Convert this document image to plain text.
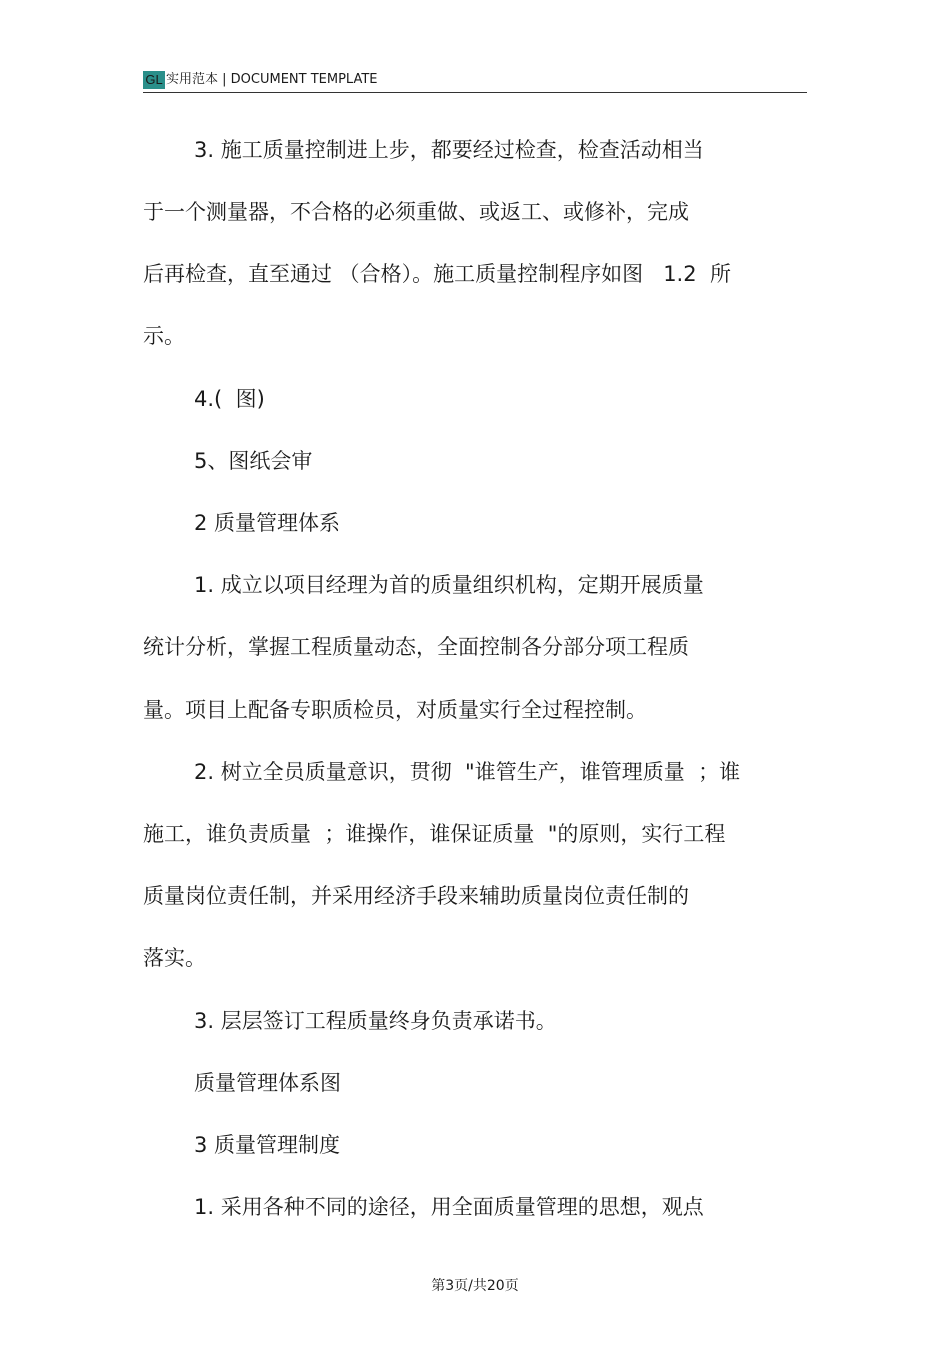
GL 实用范本 | DOCUMENT TEMPLATE
3. 施工质量控制进上步，都要经过检查，检查活动相当
于一个测量器，不合格的必须重做、或返工、或修补，完成
后再检查，直至通过 （合格）。施工质量控制程序如图   1.2  所
示。
4.(  图)
5、图纸会审
2 质量管理体系
1. 成立以项目经理为首的质量组织机构，定期开展质量
统计分析，掌握工程质量动态，全面控制各分部分项工程质
量。项目上配备专职质检员，对质量实行全过程控制。
2. 树立全员质量意识，贯彻  "谁管生产，谁管理质量  ；谁
施工，谁负责质量  ；谁操作，谁保证质量  "的原则，实行工程
质量岗位责任制，并采用经济手段来辅助质量岗位责任制的
落实。
3. 层层签订工程质量终身负责承诺书。
质量管理体系图
3 质量管理制度
1. 采用各种不同的途径，用全面质量管理的思想，观点
第3页/共20页
